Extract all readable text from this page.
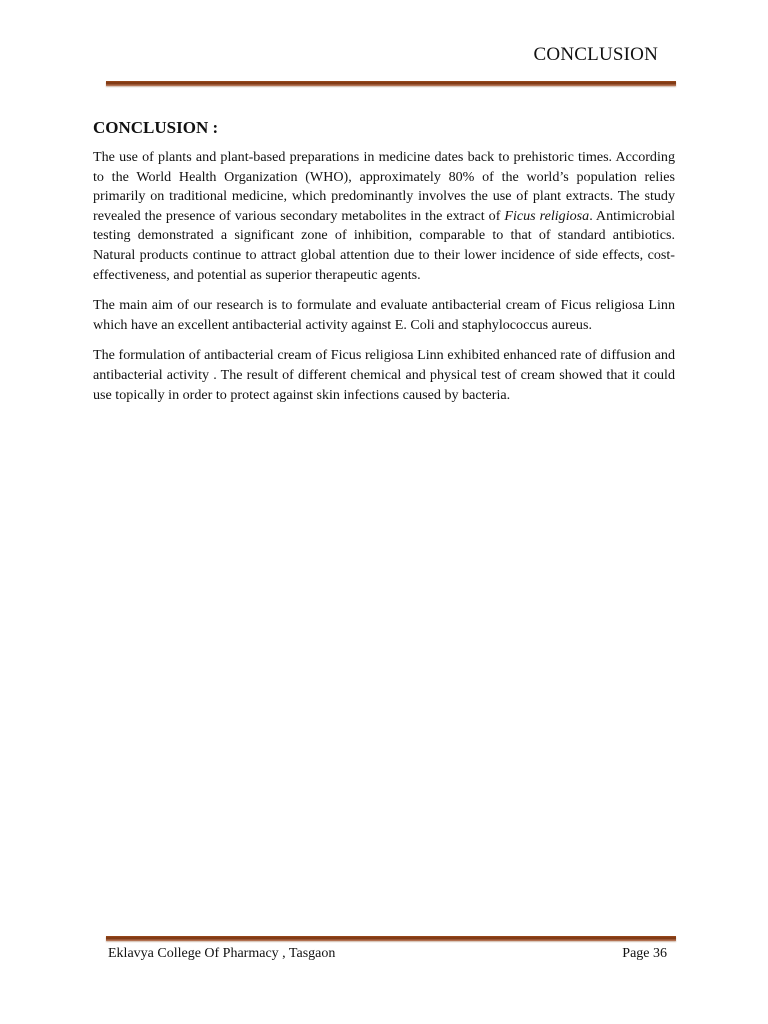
CONCLUSION
CONCLUSION :

The use of plants and plant-based preparations in medicine dates back to prehistoric times. According to the World Health Organization (WHO), approximately 80% of the world’s population relies primarily on traditional medicine, which predominantly involves the use of plant extracts. The study revealed the presence of various secondary metabolites in the extract of Ficus religiosa. Antimicrobial testing demonstrated a significant zone of inhibition, comparable to that of standard antibiotics. Natural products continue to attract global attention due to their lower incidence of side effects, cost-effectiveness, and potential as superior therapeutic agents.

The main aim of our research is to formulate and evaluate antibacterial cream of Ficus religiosa Linn which have an excellent antibacterial activity against E. Coli and staphylococcus aureus.

The formulation of antibacterial cream of Ficus religiosa Linn exhibited enhanced rate of diffusion and antibacterial activity . The result of different chemical and physical test of cream showed that it could use topically in order to protect against skin infections caused by bacteria.

Eklavya College Of Pharmacy , Tasgaon	Page 36
